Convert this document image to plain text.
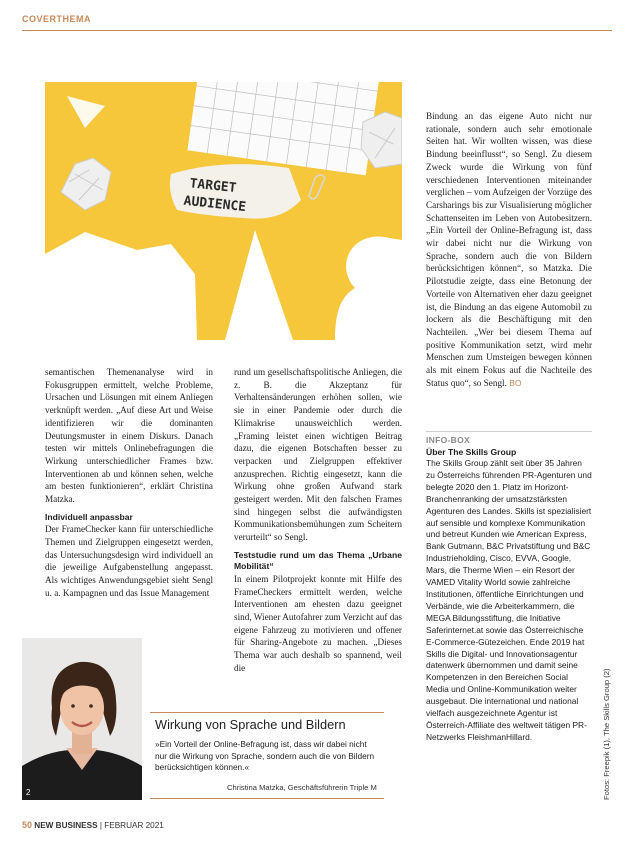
COVERTHEMA
TARGET
AUDIENCE
1

semantischen Themenanalyse wird in Fokusgruppen ermittelt, welche Probleme, Ursachen und Lösungen mit einem Anliegen verknüpft werden. „Auf diese Art und Weise identifizieren wir die dominanten Deutungsmuster in einem Diskurs. Danach testen wir mittels Onlinebefragungen die Wirkung unterschiedlicher Frames bzw. Interventionen ab und können sehen, welche am besten funktionieren“, erklärt Christina Matzka.

Individuell anpassbar

Der FrameChecker kann für unterschiedliche Themen und Zielgruppen eingesetzt werden, das Untersuchungsdesign wird individuell an die jeweilige Aufgabenstellung angepasst. Als wichtiges Anwendungsgebiet sieht Sengl u. a. Kampagnen und das Issue Management

rund um gesellschaftspolitische Anliegen, die z. B. die Akzeptanz für Verhaltensänderungen erhöhen sollen, wie sie in einer Pandemie oder durch die Klimakrise unausweichlich werden. „Framing leistet einen wichtigen Beitrag dazu, die eigenen Botschaften besser zu verpacken und Zielgruppen effektiver anzusprechen. Richtig eingesetzt, kann die Wirkung ohne großen Aufwand stark gesteigert werden. Mit den falschen Frames sind hingegen selbst die aufwändigsten Kommunikationsbemühungen zum Scheitern verurteilt“ so Sengl.

Teststudie rund um das Thema „Urbane Mobilität“

In einem Pilotprojekt konnte mit Hilfe des FrameCheckers ermittelt werden, welche Interventionen am ehesten dazu geeignet sind, Wiener Autofahrer zum Verzicht auf das eigene Fahrzeug zu motivieren und offener für Sharing-Angebote zu machen. „Dieses Thema war auch deshalb so spannend, weil die

Bindung an das eigene Auto nicht nur rationale, sondern auch sehr emotionale Seiten hat. Wir wollten wissen, was diese Bindung beeinflusst“, so Sengl. Zu diesem Zweck wurde die Wirkung von fünf verschiedenen Interventionen miteinander verglichen – vom Aufzeigen der Vorzüge des Carsharings bis zur Visualisierung möglicher Schattenseiten im Leben von Autobesitzern. „Ein Vorteil der Online-Befragung ist, dass wir dabei nicht nur die Wirkung von Sprache, sondern auch die von Bildern berücksichtigen können“, so Matzka. Die Pilotstudie zeigte, dass eine Betonung der Vorteile von Alternativen eher dazu geeignet ist, die Bindung an das eigene Automobil zu lockern als die Beschäftigung mit den Nachteilen. „Wer bei diesem Thema auf positive Kommunikation setzt, wird mehr Menschen zum Umsteigen bewegen können als mit einem Fokus auf die Nachteile des Status quo“, so Sengl. BO

INFO-BOX
Über The Skills Group
The Skills Group zählt seit über 35 Jahren zu Österreichs führenden PR-Agenturen und belegte 2020 den 1. Platz im Horizont-Branchenranking der umsatzstärksten Agenturen des Landes. Skills ist spezialisiert auf sensible und komplexe Kommunikation und betreut Kunden wie American Express, Bank Gutmann, B&C Privatstiftung und B&C Industrieholding, Cisco, EVVA, Google, Mars, die Therme Wien – ein Resort der VAMED Vitality World sowie zahlreiche Institutionen, öffentliche Einrichtungen und Verbände, wie die Arbeiterkammern, die MEGA Bildungsstiftung, die Initiative Saferinternet.at sowie das Österreichische E-Commerce-Gütezeichen. Ende 2019 hat Skills die Digital- und Innovationsagentur datenwerk übernommen und damit seine Kompetenzen in den Bereichen Social Media und Online-Kommunikation weiter ausgebaut. Die international und national vielfach ausgezeichnete Agentur ist Österreich-Affiliate des weltweit tätigen PR-Netzwerks FleishmanHillard.
2
Wirkung von Sprache und Bildern
»Ein Vorteil der Online-Befragung ist, dass wir dabei nicht nur die Wirkung von Sprache, sondern auch die von Bildern berücksichtigen können.«
Christina Matzka, Geschäftsführerin Triple M
50 NEW BUSINESS | FEBRUAR 2021
Fotos: Freepik (1), The Skills Group (2)
